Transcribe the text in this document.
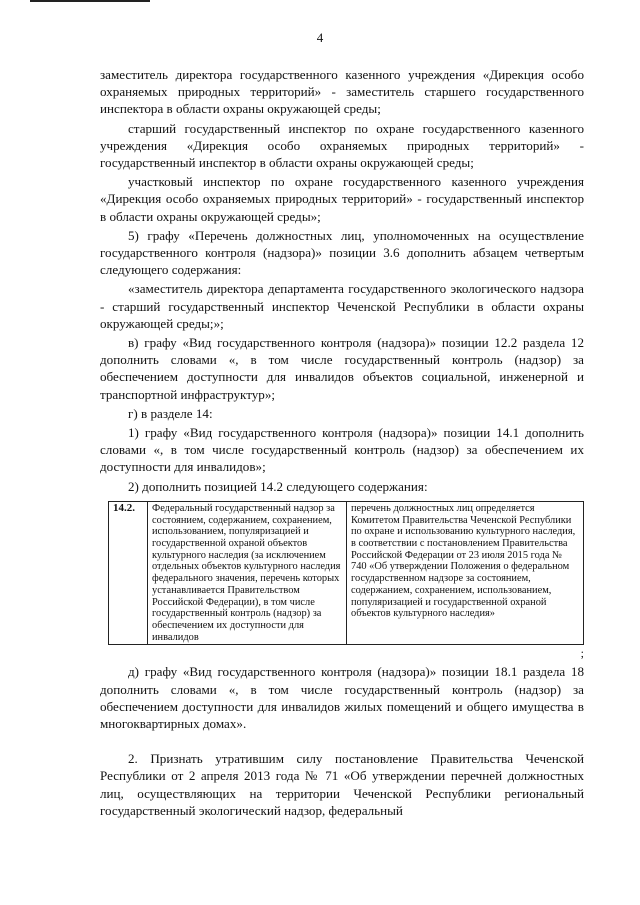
4

заместитель директора государственного казенного учреждения «Дирекция особо охраняемых природных территорий» - заместитель старшего государственного инспектора в области охраны окружающей среды;

старший государственный инспектор по охране государственного казенного учреждения «Дирекция особо охраняемых природных территорий» - государственный инспектор в области охраны окружающей среды;

участковый инспектор по охране государственного казенного учреждения «Дирекция особо охраняемых природных территорий» - государственный инспектор в области охраны окружающей среды»;

5) графу «Перечень должностных лиц, уполномоченных на осуществление государственного контроля (надзора)» позиции 3.6 дополнить абзацем четвертым следующего содержания:

«заместитель директора департамента государственного экологического надзора - старший государственный инспектор Чеченской Республики в области охраны окружающей среды;»;

в) графу «Вид государственного контроля (надзора)» позиции 12.2 раздела 12 дополнить словами «, в том числе государственный контроль (надзор) за обеспечением доступности для инвалидов объектов социальной, инженерной и транспортной инфраструктур»;

г) в разделе 14:

1) графу «Вид государственного контроля (надзора)» позиции 14.1 дополнить словами «, в том числе государственный контроль (надзор) за обеспечением их доступности для инвалидов»;

2) дополнить позицией 14.2 следующего содержания:

14.2.	Федеральный государственный надзор за состоянием, содержанием, сохранением, использованием, популяризацией и государственной охраной объектов культурного наследия (за исключением отдельных объектов культурного наследия федерального значения, перечень которых устанавливается Правительством Российской Федерации), в том числе государственный контроль (надзор) за обеспечением их доступности для инвалидов	перечень должностных лиц определяется Комитетом Правительства Чеченской Республики по охране и использованию культурного наследия, в соответствии с постановлением Правительства Российской Федерации от 23 июля 2015 года № 740 «Об утверждении Положения о федеральном государственном надзоре за состоянием, содержанием, сохранением, использованием, популяризацией и государственной охраной объектов культурного наследия»
;

д) графу «Вид государственного контроля (надзора)» позиции 18.1 раздела 18 дополнить словами «, в том числе государственный контроль (надзор) за обеспечением доступности для инвалидов жилых помещений и общего имущества в многоквартирных домах».

2. Признать утратившим силу постановление Правительства Чеченской Республики от 2 апреля 2013 года № 71 «Об утверждении перечней должностных лиц, осуществляющих на территории Чеченской Республики региональный государственный экологический надзор, федеральный
